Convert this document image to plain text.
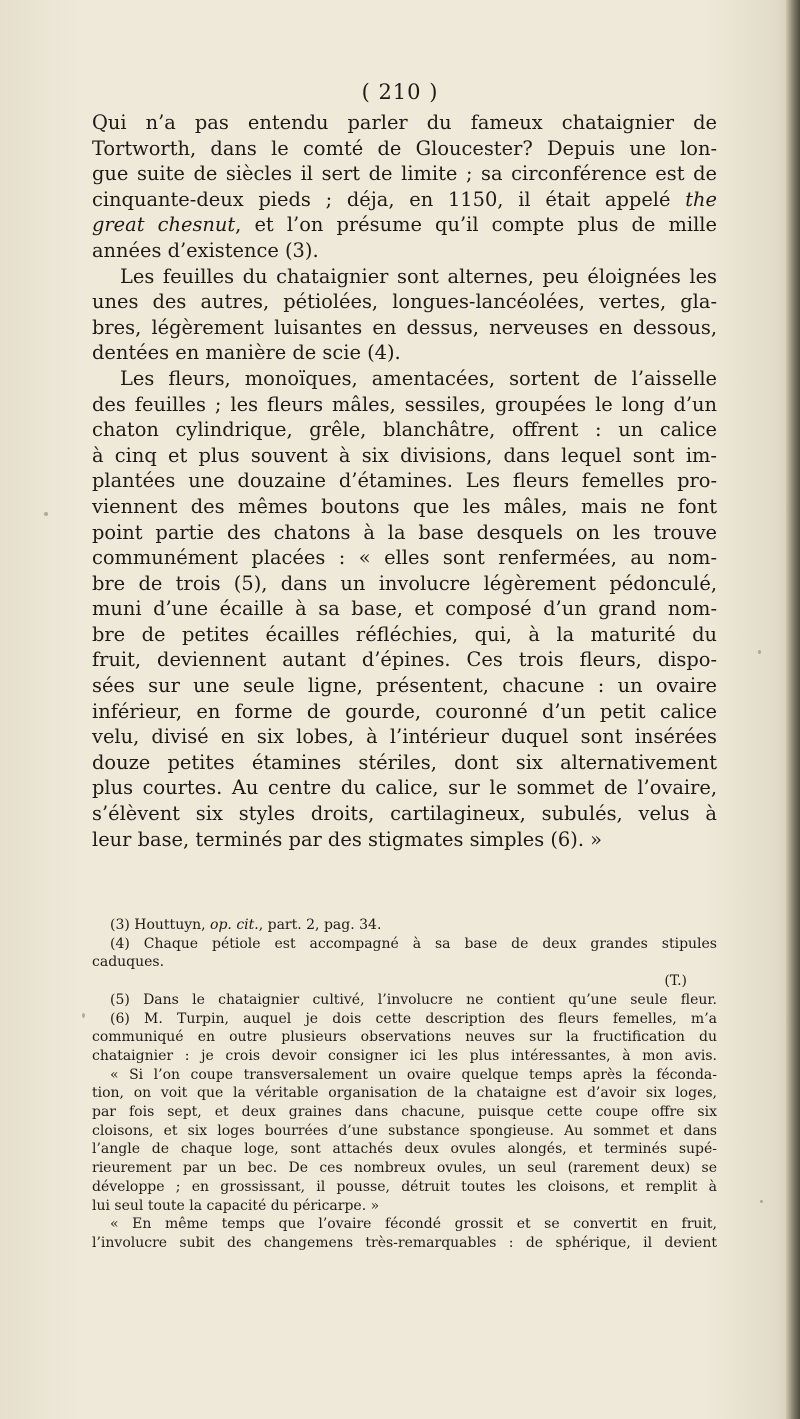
( 210 )
Qui n’a pas entendu parler du fameux chataignier de
Tortworth, dans le comté de Gloucester? Depuis une lon-
gue suite de siècles il sert de limite ; sa circonférence est de
cinquante-deux pieds ; déja, en 1150, il était appelé the
great chesnut, et l’on présume qu’il compte plus de mille
années d’existence (3).
Les feuilles du chataignier sont alternes, peu éloignées les
unes des autres, pétiolées, longues-lancéolées, vertes, gla-
bres, légèrement luisantes en dessus, nerveuses en dessous,
dentées en manière de scie (4).
Les fleurs, monoïques, amentacées, sortent de l’aisselle
des feuilles ; les fleurs mâles, sessiles, groupées le long d’un
chaton cylindrique, grêle, blanchâtre, offrent : un calice
à cinq et plus souvent à six divisions, dans lequel sont im-
plantées une douzaine d’étamines. Les fleurs femelles pro-
viennent des mêmes boutons que les mâles, mais ne font
point partie des chatons à la base desquels on les trouve
communément placées : « elles sont renfermées, au nom-
bre de trois (5), dans un involucre légèrement pédonculé,
muni d’une écaille à sa base, et composé d’un grand nom-
bre de petites écailles réfléchies, qui, à la maturité du
fruit, deviennent autant d’épines. Ces trois fleurs, dispo-
sées sur une seule ligne, présentent, chacune : un ovaire
inférieur, en forme de gourde, couronné d’un petit calice
velu, divisé en six lobes, à l’intérieur duquel sont insérées
douze petites étamines stériles, dont six alternativement
plus courtes. Au centre du calice, sur le sommet de l’ovaire,
s’élèvent six styles droits, cartilagineux, subulés, velus à
leur base, terminés par des stigmates simples (6). »
(3) Houttuyn, op. cit., part. 2, pag. 34.
(4) Chaque pétiole est accompagné à sa base de deux grandes stipules
caduques.
(T.)
(5) Dans le chataignier cultivé, l’involucre ne contient qu’une seule fleur.
(6) M. Turpin, auquel je dois cette description des fleurs femelles, m’a
communiqué en outre plusieurs observations neuves sur la fructification du
chataignier : je crois devoir consigner ici les plus intéressantes, à mon avis.
« Si l’on coupe transversalement un ovaire quelque temps après la féconda-
tion, on voit que la véritable organisation de la chataigne est d’avoir six loges,
par fois sept, et deux graines dans chacune, puisque cette coupe offre six
cloisons, et six loges bourrées d’une substance spongieuse. Au sommet et dans
l’angle de chaque loge, sont attachés deux ovules alongés, et terminés supé-
rieurement par un bec. De ces nombreux ovules, un seul (rarement deux) se
développe ; en grossissant, il pousse, détruit toutes les cloisons, et remplit à
lui seul toute la capacité du péricarpe. »
« En même temps que l’ovaire fécondé grossit et se convertit en fruit,
l’involucre subit des changemens très-remarquables : de sphérique, il devient
